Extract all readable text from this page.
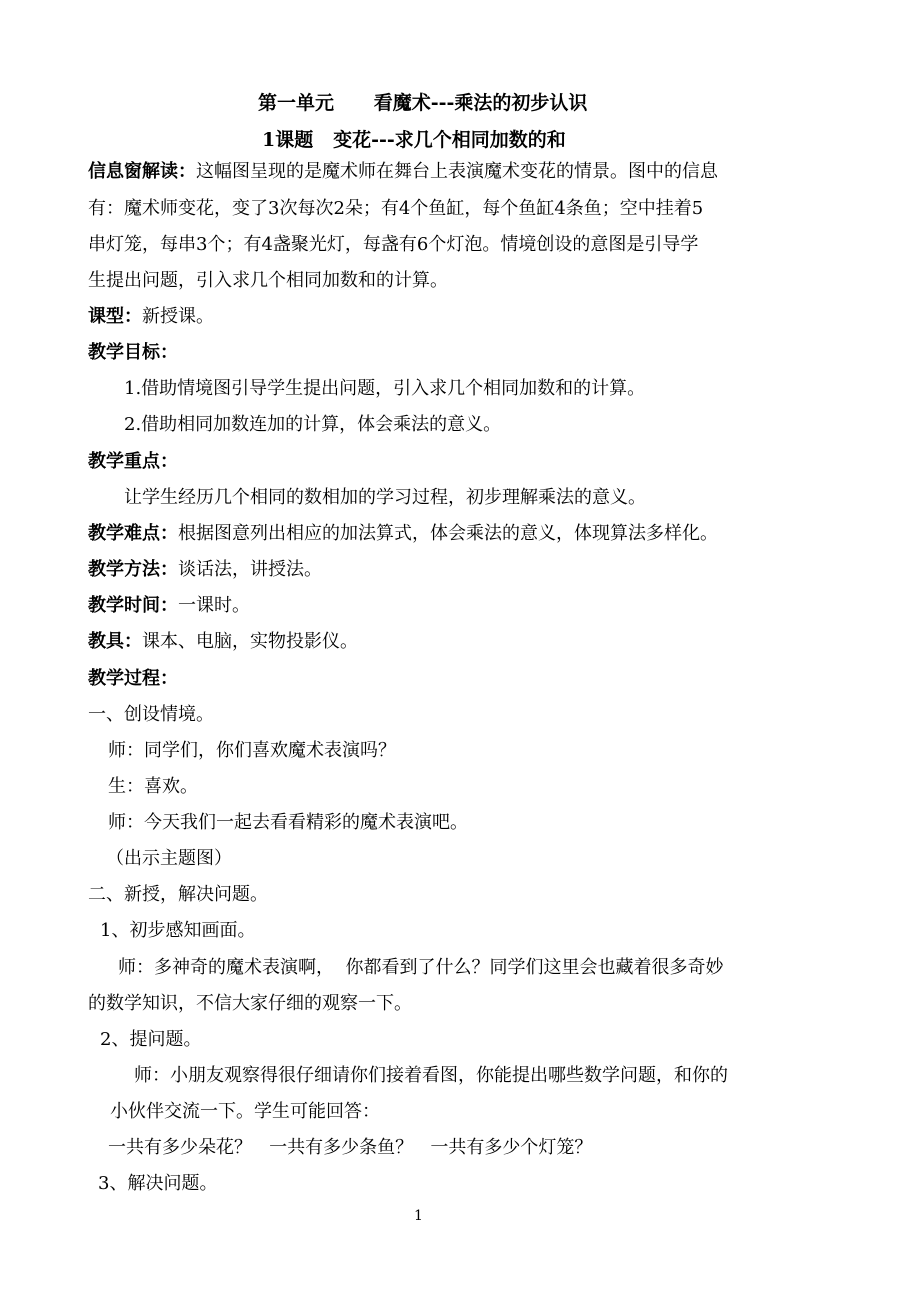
第一单元      看魔术---乘法的初步认识
1课题   变花---求几个相同加数的和
信息窗解读：这幅图呈现的是魔术师在舞台上表演魔术变花的情景。图中的信息
有：魔术师变花，变了3次每次2朵；有4个鱼缸，每个鱼缸4条鱼；空中挂着5
串灯笼，每串3个；有4盏聚光灯，每盏有6个灯泡。情境创设的意图是引导学
生提出问题，引入求几个相同加数和的计算。
课型：新授课。
教学目标：
1.借助情境图引导学生提出问题，引入求几个相同加数和的计算。
2.借助相同加数连加的计算，体会乘法的意义。
教学重点：
让学生经历几个相同的数相加的学习过程，初步理解乘法的意义。
教学难点：根据图意列出相应的加法算式，体会乘法的意义，体现算法多样化。
教学方法：谈话法，讲授法。
教学时间：一课时。
教具：课本、电脑，实物投影仪。
教学过程：
一、创设情境。
师：同学们，你们喜欢魔术表演吗？
生：喜欢。
师：今天我们一起去看看精彩的魔术表演吧。
（出示主题图）
二、新授，解决问题。
1、初步感知画面。
师：多神奇的魔术表演啊，  你都看到了什么？同学们这里会也藏着很多奇妙
的数学知识，不信大家仔细的观察一下。
2、提问题。
师：小朋友观察得很仔细请你们接着看图，你能提出哪些数学问题，和你的
小伙伴交流一下。学生可能回答：
一共有多少朵花？   一共有多少条鱼？   一共有多少个灯笼？
3、解决问题。
1
